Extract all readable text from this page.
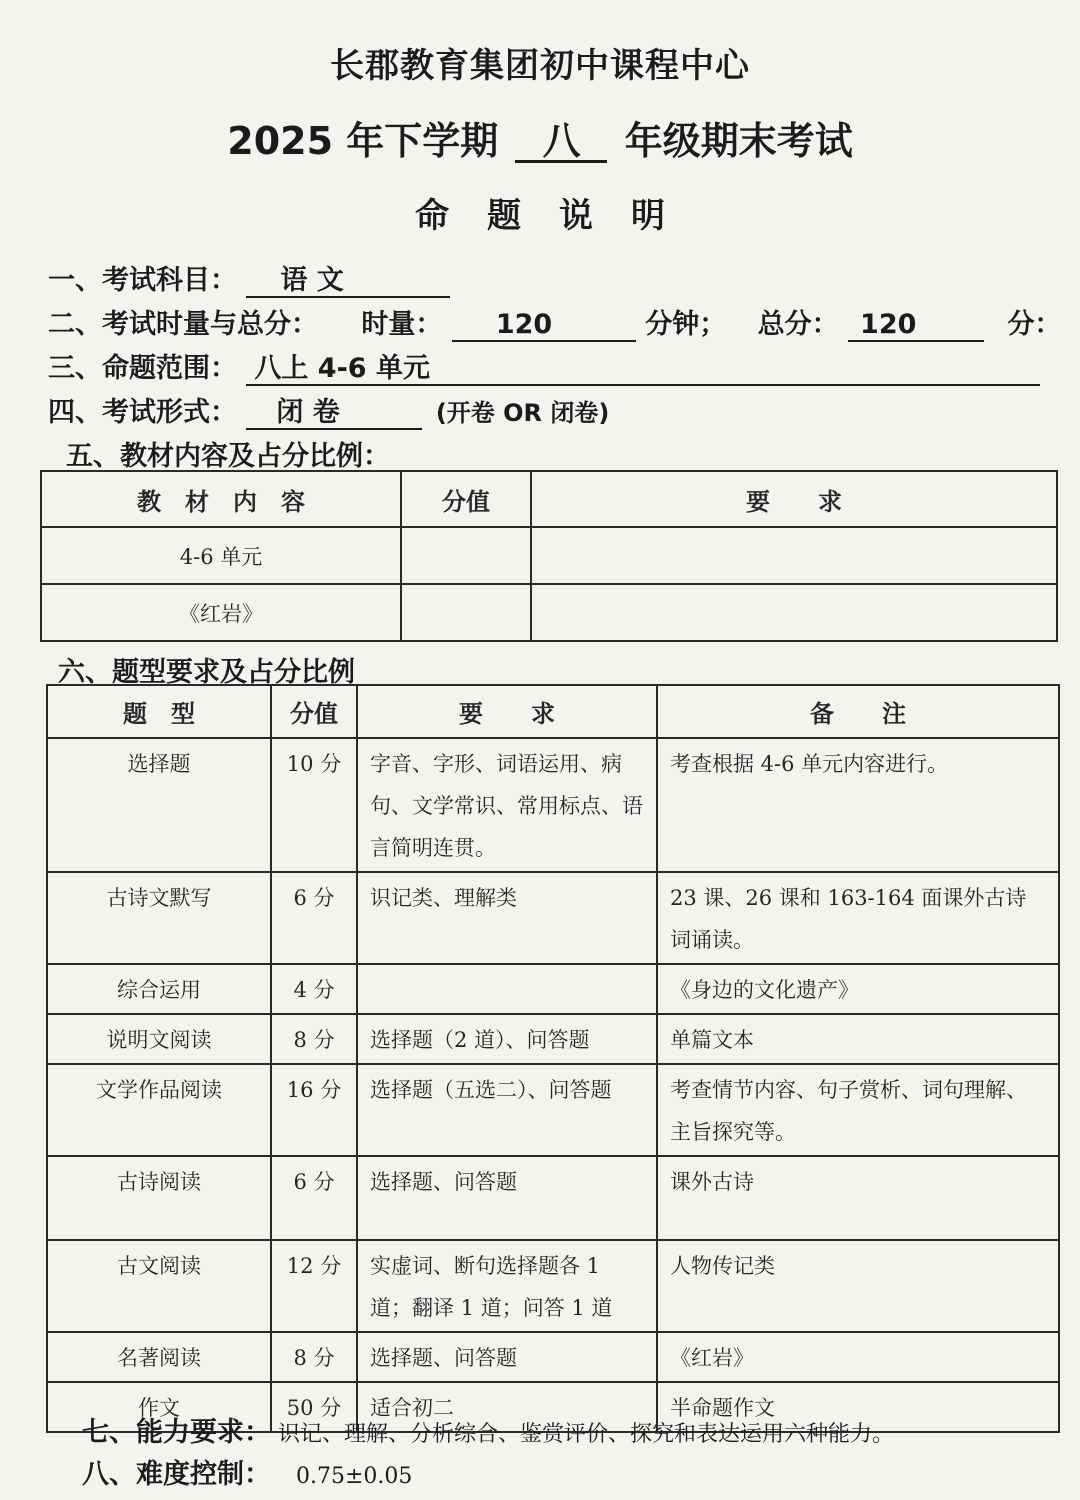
长郡教育集团初中课程中心
2025 年下学期 八 年级期末考试
命题说明
一、考试科目： 语 文
二、考试时量与总分： 时量： 120	分钟； 总分： 120	分：
三、命题范围： 八上 4-6 单元
四、考试形式： 闭 卷	(开卷 OR 闭卷)
五、教材内容及占分比例：
教　材　内　容	分值	要　　求
4-6 单元		
《红岩》		
六、题型要求及占分比例
题　型	分值	要　　求	备　　注
选择题	10 分	字音、字形、词语运用、病句、文学常识、常用标点、语言简明连贯。	考查根据 4-6 单元内容进行。
古诗文默写	6 分	识记类、理解类	23 课、26 课和 163-164 面课外古诗词诵读。
综合运用	4 分		《身边的文化遗产》
说明文阅读	8 分	选择题（2 道）、问答题	单篇文本
文学作品阅读	16 分	选择题（五选二）、问答题	考查情节内容、句子赏析、词句理解、主旨探究等。
古诗阅读	6 分	选择题、问答题	课外古诗
古文阅读	12 分	实虚词、断句选择题各 1 道；翻译 1 道；问答 1 道	人物传记类
名著阅读	8 分	选择题、问答题	《红岩》
作文	50 分	适合初二	半命题作文
七、能力要求： 识记、理解、分析综合、鉴赏评价、探究和表达运用六种能力。
八、难度控制： 0.75±0.05
